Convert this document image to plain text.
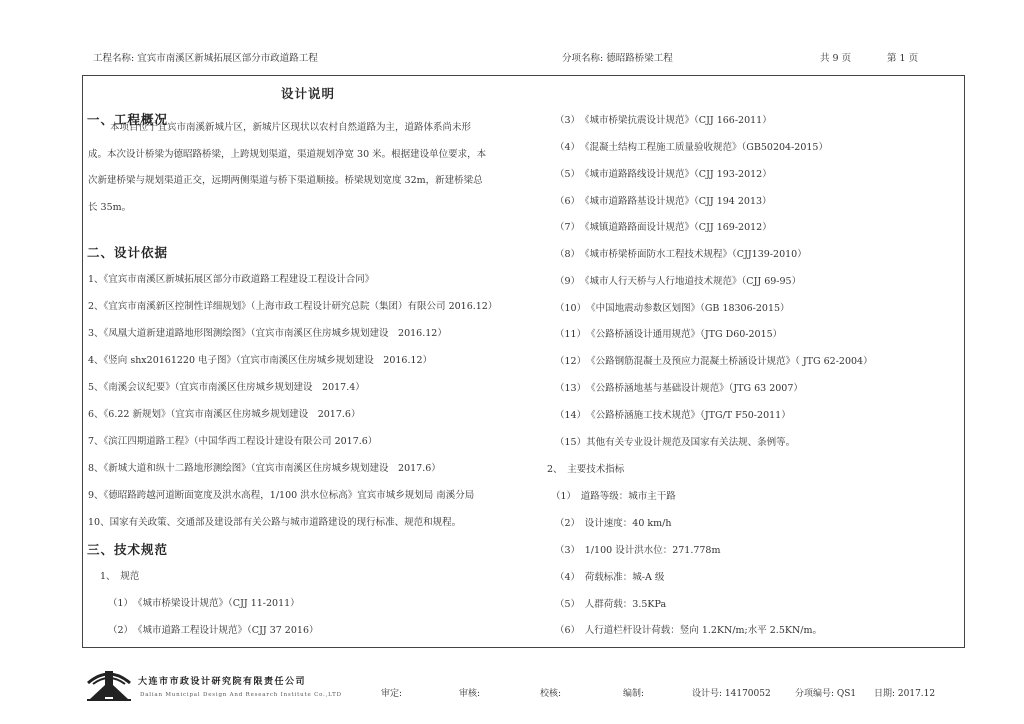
工程名称: 宜宾市南溪区新城拓展区部分市政道路工程	分项名称: 德昭路桥梁工程	共 9 页	第 1 页
设计说明
一、工程概况
本项目位于宜宾市南溪新城片区，新城片区现状以农村自然道路为主，道路体系尚未形
成。本次设计桥梁为德昭路桥梁，上跨规划渠道，渠道规划净宽 30 米。根据建设单位要求，本
次新建桥梁与规划渠道正交，远期两侧渠道与桥下渠道顺接。桥梁规划宽度 32m，新建桥梁总
长 35m。
二、设计依据
1、《宜宾市南溪区新城拓展区部分市政道路工程建设工程设计合同》
2、《宜宾市南溪新区控制性详细规划》（上海市政工程设计研究总院（集团）有限公司 2016.12）
3、《凤凰大道新建道路地形图测绘图》（宜宾市南溪区住房城乡规划建设　2016.12）
4、《竖向 shx20161220 电子图》（宜宾市南溪区住房城乡规划建设　2016.12）
5、《南溪会议纪要》（宜宾市南溪区住房城乡规划建设　2017.4）
6、《6.22 新规划》（宜宾市南溪区住房城乡规划建设　2017.6）
7、《滨江四期道路工程》（中国华西工程设计建设有限公司 2017.6）
8、《新城大道和纵十二路地形测绘图》（宜宾市南溪区住房城乡规划建设　2017.6）
9、《德昭路跨越河道断面宽度及洪水高程，1/100 洪水位标高》宜宾市城乡规划局 南溪分局
10、国家有关政策、交通部及建设部有关公路与城市道路建设的现行标准、规范和规程。
三、技术规范
1、　规范
（1）　《城市桥梁设计规范》（CJJ 11-2011）
（2）　《城市道路工程设计规范》（CJJ 37 2016）
（3）　《城市桥梁抗震设计规范》（CJJ 166-2011）
（4）　《混凝土结构工程施工质量验收规范》（GB50204-2015）
（5）　《城市道路路线设计规范》（CJJ 193-2012）
（6）　《城市道路路基设计规范》（CJJ 194 2013）
（7）　《城镇道路路面设计规范》（CJJ 169-2012）
（8）　《城市桥梁桥面防水工程技术规程》（CJJ139-2010）
（9）　《城市人行天桥与人行地道技术规范》（CJJ 69-95）
（10）　《中国地震动参数区划图》（GB 18306-2015）
（11）　《公路桥涵设计通用规范》（JTG D60-2015）
（12）　《公路钢筋混凝土及预应力混凝土桥涵设计规范》（ JTG 62-2004）
（13）　《公路桥涵地基与基础设计规范》（JTG 63 2007）
（14）　《公路桥涵施工技术规范》（JTG/T F50-2011）
（15）其他有关专业设计规范及国家有关法规、条例等。
2、　主要技术指标
（1）　道路等级：城市主干路
（2）　设计速度：40 km/h
（3）　1/100 设计洪水位：271.778m
（4）　荷载标准：城-A 级
（5）　人群荷载：3.5KPa
（6）　人行道栏杆设计荷载：竖向 1.2KN/m;水平 2.5KN/m。
大连市市政设计研究院有限责任公司
Dalian Municipal Design And Research Institute Co.,LTD	审定:	审核:	校核:	编制:	设计号: 14170052	分项编号: QS1 日期: 2017.12
